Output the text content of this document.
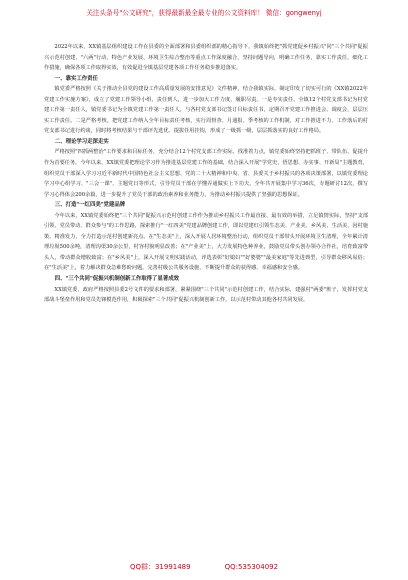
关注头条号"公文研究"，获得最新最全最专业的公文资料库！ 微信：gongwenyj

2022年以来，XX镇基层组织建设工作在县委的全面部署和县委组织部的精心指导下，我镇始终把"抓党建促乡村振兴"同"三个共同"促振兴示范村创建、"六两"行动、特色产业发展、环境卫生综合整治等重点工作深度融合，坚持问题导向，明确工作任务，靠实工作责任，细化工作措施，确保各项工作取得实效，有效促进全镇基层党建各项工作任务稳步推进落实。

一、靠实工作责任

镇党委严格按照《关于推动全县党的建设工作高质量发展的安排意见》文件精神，结合我镇实际，制定印发了切实可行的《XX镇2022年党建工作实施方案》，成立了党建工作领导小组，责任到人，进一步加大工作力度，履职尽责。一是夯实责任。全镇12个村党支部书记为村党建工作第一责任人，镇党委书记为全镇党建工作第一责任人，与各村党支部书记签订目标责任书，定期召开党建工作推进会、调度会，层层压实工作责任。二是严格考核。把党建工作纳入全年目标责任考核，实行周督查、月通报、季考核的工作机制，对工作推进不力、工作落后的村党支部书记进行约谈，同时将考核结果与干部评先选优、提拔任用挂钩，形成了一级抓一级、层层抓落实的良好工作格局。

二、理论学习走深走实

严格按照"四抓两整治"工作要求和目标任务，充分结合12个村党支部工作实际，找准着力点，镇党委始终坚持把抓班子、带队伍、促提升作为首要任务。今年以来，XX镇党委把理论学习作为推进基层党建工作的基础，结合深入开展"学党史、悟思想、办实事、开新局"主题教育，组织党员干部深入学习习近平新时代中国特色社会主义思想、党的二十大精神和中央、省、县委关于乡村振兴的各项决策部署，以镇党委理论学习中心组学习、"三会一课"、主题党日等形式，引导党员干部在学懂弄通做实上下功夫，全年共开展集中学习36次，专题研讨12次，撰写学习心得体会200余篇，进一步提升了党员干部的政治素养和业务能力，为推动乡村振兴提供了坚强的思想保证。

三、打造"一红四美"党建品牌

今年以来，XX镇党委始终把"三个共同"促振兴示范村创建工作作为推动乡村振兴工作最直接、最有效的举措，立足镇情实际，坚持"支部引领、党员带动、群众参与"的工作思路，探索推行"一红四美"党建品牌创建工作，即以党建红引领生态美、产业美、乡风美、生活美，因村施策、精准发力，全力打造示范村创建新亮点。在"生态美"上，深入开展人居环境整治行动，组织党员干部带头开展环境卫生清理，全年累计清理垃圾500余吨，清理沟渠30余公里，村容村貌明显改善；在"产业美"上，大力发展特色种养业，鼓励党员带头创办领办合作社，培育致富带头人，带动群众增收致富；在"乡风美"上，深入开展文明实践活动，评选表彰"好媳妇""好婆婆""最美家庭"等先进典型，引导群众移风易俗；在"生活美"上，着力解决群众急难愁盼问题，完善村级公共服务设施，不断提升群众的获得感、幸福感和安全感。

四、"三个共同"促振兴机制创新工作取得了显著成效

XX镇党委、政府严格按照县委2号文件的要求和部署，紧紧围绕"三个共同"示范村创建工作，结合实际，建强村"两委"班子，发挥村党支部战斗堡垒作用和党员先锋模范作用，积极探索"三个共同"促振兴机制创新工作，以示范村带动其他各村共同发展。

QQ群：31991489	QQ:535304092
